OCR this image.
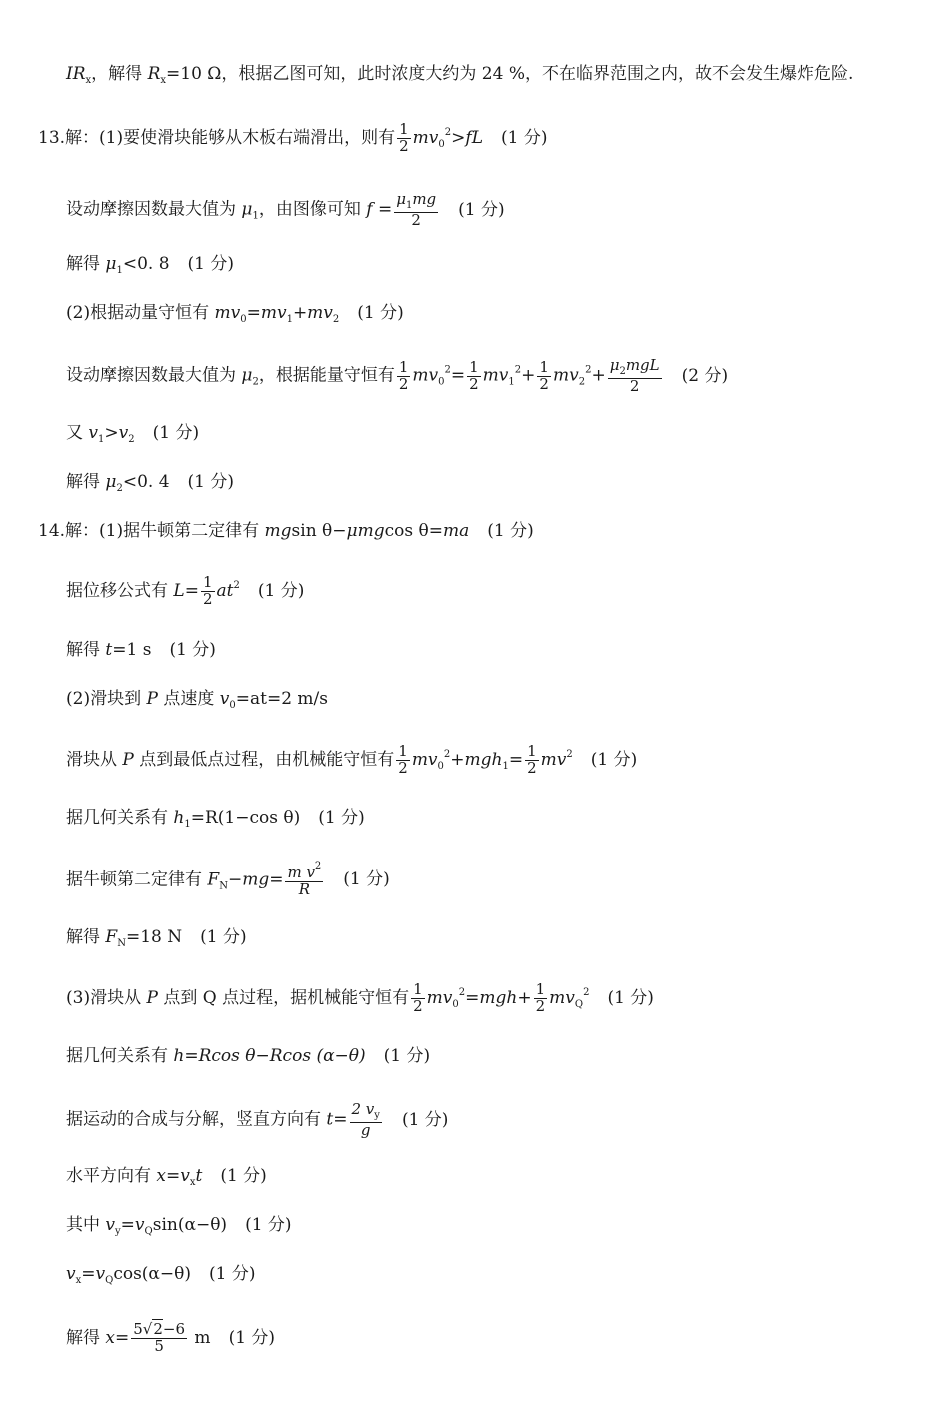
$IR_x$，解得 $R_x=10$ Ω，根据乙图可知，此时浓度大约为 24 %，不在临界范围之内，故不会发生爆炸危险.
13.解：(1)要使滑块能够从木板右端滑出，则有 $\frac{1}{2} mv_0^2>fL$ (1 分)
设动摩擦因数最大值为 $\mu_1$，由图像可知 $f = \frac{\mu_1mg}{2} (1$ 分)
解得 $\mu_1<0$. 8 (1 分)
(2)根据动量守恒有 $mv_0=mv_1+mv_2$ (1 分)
设动摩擦因数最大值为 $\mu_2$，根据能量守恒有 $\frac{1}{2} mv_0^2= \frac{1}{2} mv_1^2+ \frac{1}{2} mv_2^2+ \frac{\mu_2mgL}{2} (2$ 分)
又 $v_1>v_2$ (1 分)
解得 $\mu_2<0$. 4 (1 分)
14.解：(1)据牛顿第二定律有 mgsin θ−μmgcos θ=ma (1 分)
据位移公式有 $L= \frac{1}{2} at^2$ (1 分)
解得 t=1 s (1 分)
(2)滑块到 P 点速度 $v_0=at=2$ m/s
滑块从 P 点到最低点过程，由机械能守恒有 $\frac{1}{2} mv_0^2+mgh_1= \frac{1}{2} mv^2$ (1 分)
据几何关系有 $h_1=R(1-\cos$ θ) (1 分)
据牛顿第二定律有 $F_N-mg= \frac{m v^2}{R} (1$ 分)
解得 $F_N=18$ N (1 分)
(3)滑块从 P 点到 Q 点过程，据机械能守恒有 $\frac{1}{2} mv_0^2=mgh+ \frac{1}{2} mv_Q^2$ (1 分)
据几何关系有 h=Rcos θ−Rcos (α−θ) (1 分)
据运动的合成与分解，竖直方向有 $t= \frac{2 v_y}{g} (1$ 分)
水平方向有 $x=v_xt$ (1 分)
其中 $v_y=v_Q\sin(\alpha-\theta)$ (1 分)
$v_x=v_Q\cos(\alpha-\theta)$ (1 分)
解得 $x= \frac{5√2-6}{5}$ m (1 分)
